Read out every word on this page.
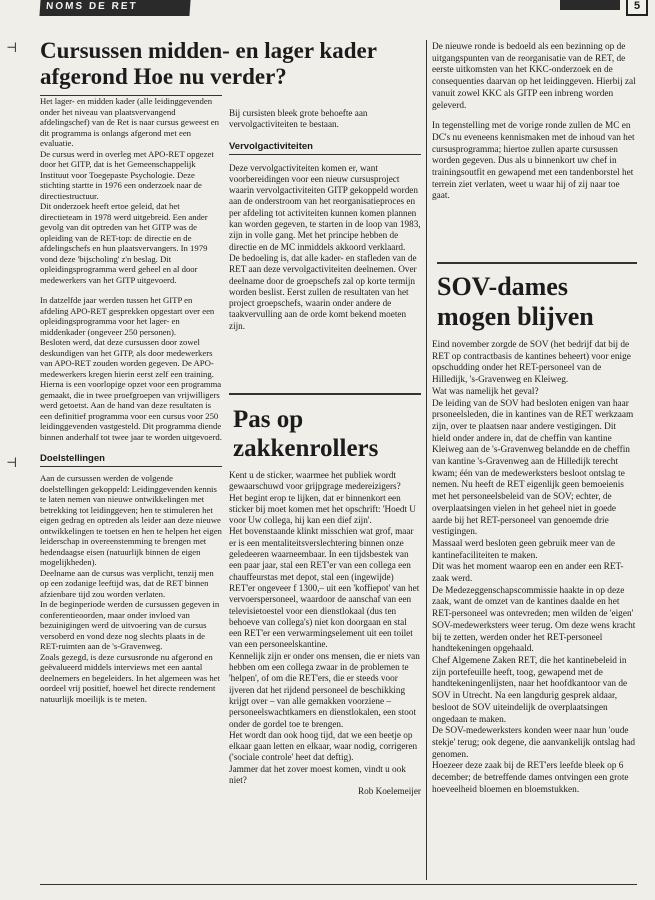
NOMS DE RET	5
⊣
⊣
Cursussen midden- en lager kader afgerond Hoe nu verder?

Het lager- en midden kader (alle leidinggevenden onder het niveau van plaatsvervangend afdelingschef) van de Ret is naar cursus geweest en dit programma is onlangs afgerond met een evaluatie.

De cursus werd in overleg met APO-RET opgezet door het GITP, dat is het Gemeenschappelijk Instituut voor Toegepaste Psychologie. Deze stichting startte in 1976 een onderzoek naar de directiestructuur.

Dit onderzoek heeft ertoe geleid, dat het directieteam in 1978 werd uitgebreid. Een ander gevolg van dit optreden van het GITP was de opleiding van de RET-top: de directie en de afdelingschefs en hun plaatsvervangers. In 1979 vond deze 'bijscholing' z'n beslag. Dit opleidingsprogramma werd geheel en al door medewerkers van het GITP uitgevoerd.

In datzelfde jaar werden tussen het GITP en afdeling APO-RET gesprekken opgestart over een opleidingsprogramma voor het lager- en middenkader (ongeveer 250 personen).

Besloten werd, dat deze cursussen door zowel deskundigen van het GITP, als door medewerkers van APO-RET zouden worden gegeven. De APO-medewerkers kregen hierin eerst zelf een training. Hierna is een voorlopige opzet voor een programma gemaakt, die in twee proefgroepen van vrijwilligers werd getoetst. Aan de hand van deze resultaten is een definitief programma voor een cursus voor 250 leidinggevenden vastgesteld. Dit programma diende binnen anderhalf tot twee jaar te worden uitgevoerd.

Doelstellingen

Aan de cursussen werden de volgende doelstellingen gekoppeld: Leidinggevenden kennis te laten nemen van nieuwe ontwikkelingen met betrekking tot leidinggeven; hen te stimuleren het eigen gedrag en optreden als leider aan deze nieuwe ontwikkelingen te toetsen en hen te helpen het eigen leiderschap in overeenstemming te brengen met hedendaagse eisen (natuurlijk binnen de eigen mogelijkheden).

Deelname aan de cursus was verplicht, tenzij men op een zodanige leeftijd was, dat de RET binnen afzienbare tijd zou worden verlaten.

In de beginperiode werden de cursussen gegeven in conferentieoorden, maar onder invloed van bezuinigingen werd de uitvoering van de cursus versoberd en vond deze nog slechts plaats in de RET-ruimten aan de 's-Gravenweg.

Zoals gezegd, is deze cursusronde nu afgerond en geëvalueerd middels interviews met een aantal deelnemers en begeleiders. In het algemeen was het oordeel vrij positief, hoewel het directe rendement natuurlijk moeilijk is te meten.

Bij cursisten bleek grote behoefte aan vervolgactiviteiten te bestaan.

Vervolgactiviteiten

Deze vervolgactiviteiten komen er, want voorbereidingen voor een nieuw cursusproject waarin vervolgactiviteiten GITP gekoppeld worden aan de onderstroom van het reorganisatieproces en per afdeling tot activiteiten kunnen komen plannen kan worden gegeven, te starten in de loop van 1983, zijn in volle gang. Met het principe hebben de directie en de MC inmiddels akkoord verklaard.

De bedoeling is, dat alle kader- en stafleden van de RET aan deze vervolgactiviteiten deelnemen. Over deelname door de groepschefs zal op korte termijn worden beslist. Eerst zullen de resultaten van het project groepschefs, waarin onder andere de taakvervulling aan de orde komt bekend moeten zijn.

Pas op zakkenrollers

Kent u de sticker, waarmee het publiek wordt gewaarschuwd voor grijpgrage medereizigers?

Het begint erop te lijken, dat er binnenkort een sticker bij moet komen met het opschrift: 'Hoedt U voor Uw collega, hij kan een dief zijn'.

Het bovenstaande klinkt misschien wat grof, maar er is een mentaliteitsverslechtering binnen onze geledeeren waarneembaar. In een tijdsbestek van een paar jaar, stal een RET'er van een collega een chauffeurstas met depot, stal een (ingewijde) RET'er ongeveer f 1300,– uit een 'koffiepot' van het vervoerspersoneel, waardoor de aanschaf van een televisietoestel voor een dienstlokaal (dus ten behoeve van collega's) niet kon doorgaan en stal een RET'er een verwarmingselement uit een toilet van een personeelskantine.

Kennelijk zijn er onder ons mensen, die er niets van hebben om een collega zwaar in de problemen te 'helpen', of om die RET'ers, die er steeds voor ijveren dat het rijdend personeel de beschikking krijgt over – van alle gemakken voorziene – personeelswachtkamers en dienstlokalen, een stoot onder de gordel toe te brengen.

Het wordt dan ook hoog tijd, dat we een beetje op elkaar gaan letten en elkaar, waar nodig, corrigeren ('sociale controle' heet dat deftig).

Jammer dat het zover moest komen, vindt u ook niet?

Rob Koelemeijer

De nieuwe ronde is bedoeld als een bezinning op de uitgangspunten van de reorganisatie van de RET, de eerste uitkomsten van het KKC-onderzoek en de consequenties daarvan op het leidinggeven. Hierbij zal vanuit zowel KKC als GITP een inbreng worden geleverd.

In tegenstelling met de vorige ronde zullen de MC en DC's nu eveneens kennismaken met de inhoud van het cursusprogramma; hiertoe zullen aparte cursussen worden gegeven. Dus als u binnenkort uw chef in trainingsoutfit en gewapend met een tandenborstel het terrein ziet verlaten, weet u waar hij of zij naar toe gaat.

SOV-dames mogen blijven

Eind november zorgde de SOV (het bedrijf dat bij de RET op contractbasis de kantines beheert) voor enige opschudding onder het RET-personeel van de Hilledijk, 's-Gravenweg en Kleiweg.

Wat was namelijk het geval?

De leiding van de SOV had besloten enigen van haar prsoneelsleden, die in kantines van de RET werkzaam zijn, over te plaatsen naar andere vestigingen. Dit hield onder andere in, dat de cheffin van kantine Kleiweg aan de 's-Gravenweg belandde en de cheffin van kantine 's-Gravenweg aan de Hilledijk terecht kwam; één van de medewerksters besloot ontslag te nemen. Nu heeft de RET eigenlijk geen bemoeienis met het personeelsbeleid van de SOV; echter, de overplaatsingen vielen in het geheel niet in goede aarde bij het RET-personeel van genoemde drie vestigingen.

Massaal werd besloten geen gebruik meer van de kantinefaciliteiten te maken.

Dit was het moment waarop een en ander een RET-zaak werd.

De Medezeggenschapscommissie haakte in op deze zaak, want de omzet van de kantines daalde en het RET-personeel was ontevreden; men wilden de 'eigen' SOV-medewerksters weer terug. Om deze wens kracht bij te zetten, werden onder het RET-personeel handtekeningen opgehaald.

Chef Algemene Zaken RET, die het kantinebeleid in zijn portefeuille heeft, toog, gewapend met de handtekeningenlijsten, naar het hoofdkantoor van de SOV in Utrecht. Na een langdurig gesprek aldaar, besloot de SOV uiteindelijk de overplaatsingen ongedaan te maken.

De SOV-medewerksters konden weer naar hun 'oude stekje' terug; ook degene, die aanvankelijk ontslag had genomen.

Hoezeer deze zaak bij de RET'ers leefde bleek op 6 december; de betreffende dames ontvingen een grote hoeveelheid bloemen en bloemstukken.
